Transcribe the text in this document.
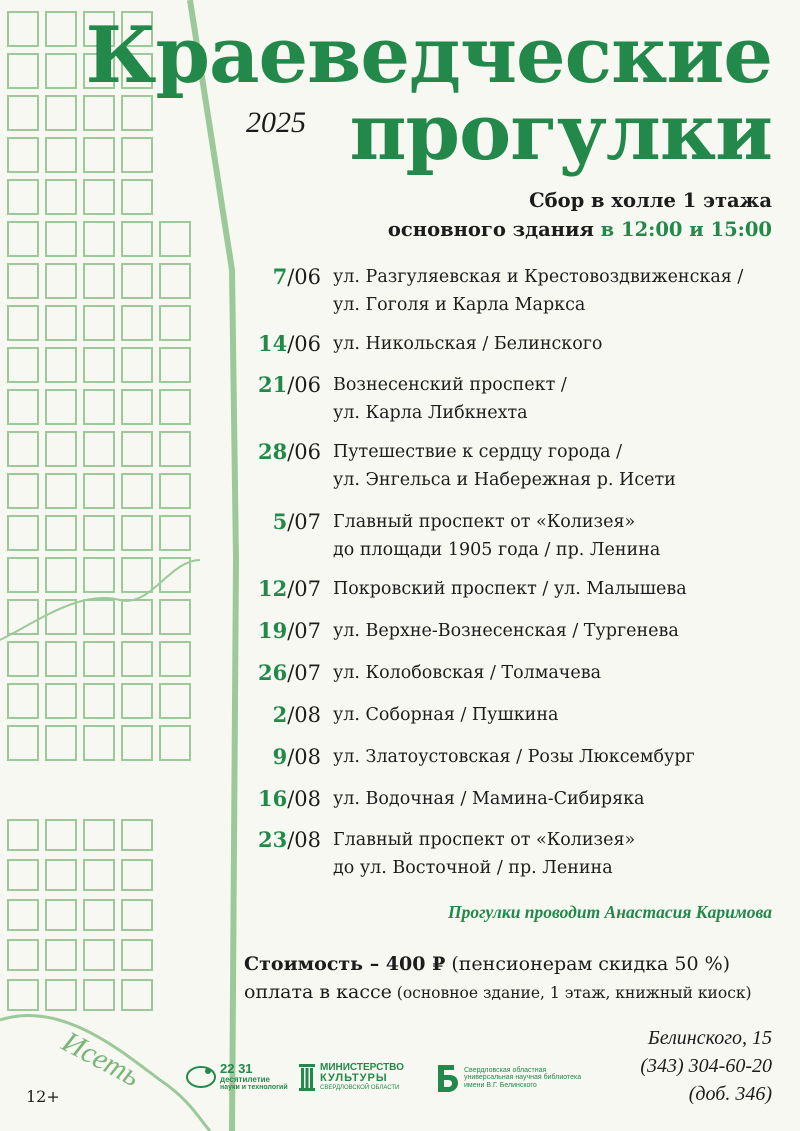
Исеть
Краеведческие
2025 прогулки
Сбор в холле 1 этажа
основного здания в 12:00 и 15:00
7/06 ул. Разгуляевская и Крестовоздвиженская /
ул. Гоголя и Карла Маркса
14/06 ул. Никольская / Белинского
21/06 Вознесенский проспект /
ул. Карла Либкнехта
28/06 Путешествие к сердцу города /
ул. Энгельса и Набережная р. Исети
5/07 Главный проспект от «Колизея»
до площади 1905 года / пр. Ленина
12/07 Покровский проспект / ул. Малышева
19/07 ул. Верхне-Вознесенская / Тургенева
26/07 ул. Колобовская / Толмачева
2/08 ул. Соборная / Пушкина
9/08 ул. Златоустовская / Розы Люксембург
16/08 ул. Водочная / Мамина-Сибиряка
23/08 Главный проспект от «Колизея»
до ул. Восточной / пр. Ленина
Прогулки проводит Анастасия Каримова
Стоимость – 400 ₽ (пенсионерам скидка 50 %)
оплата в кассе (основное здание, 1 этаж, книжный киоск)
Белинского, 15
(343) 304-60-20
(доб. 346)
12+
22 31
десятилетие
науки и технологий
МИНИСТЕРСТВО
КУЛЬТУРЫ
СВЕРДЛОВСКОЙ ОБЛАСТИ
Свердловская областная
универсальная научная библиотека
имени В.Г. Белинского
